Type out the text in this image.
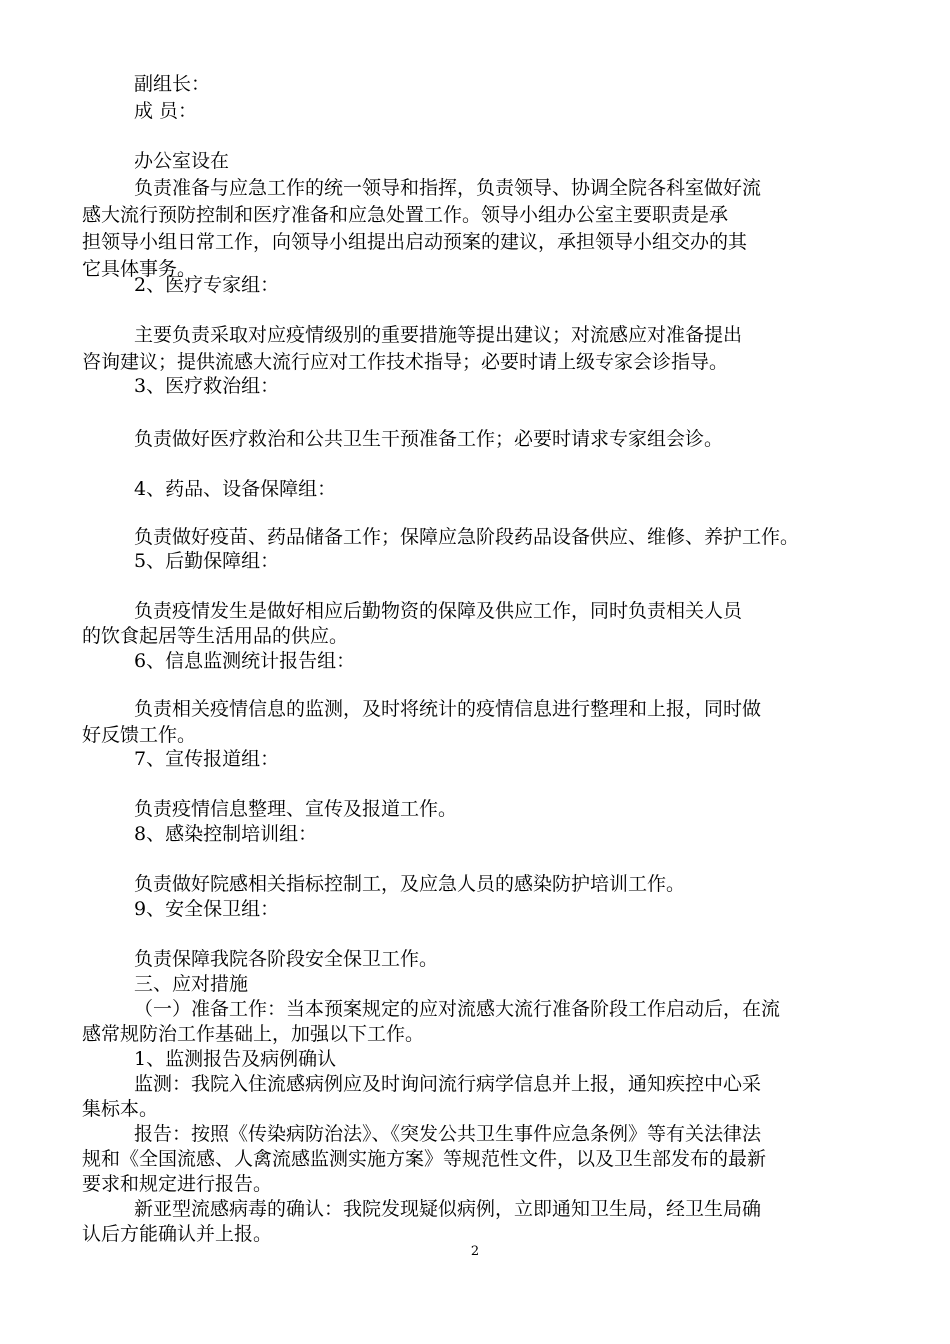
副组长：
成 员：
办公室设在
负责准备与应急工作的统一领导和指挥，负责领导、协调全院各科室做好流
感大流行预防控制和医疗准备和应急处置工作。领导小组办公室主要职责是承
担领导小组日常工作，向领导小组提出启动预案的建议，承担领导小组交办的其
它具体事务。
2、医疗专家组：
主要负责采取对应疫情级别的重要措施等提出建议；对流感应对准备提出
咨询建议；提供流感大流行应对工作技术指导；必要时请上级专家会诊指导。
3、医疗救治组：
负责做好医疗救治和公共卫生干预准备工作；必要时请求专家组会诊。
4、药品、设备保障组：
负责做好疫苗、药品储备工作；保障应急阶段药品设备供应、维修、养护工作。
5、后勤保障组：
负责疫情发生是做好相应后勤物资的保障及供应工作，同时负责相关人员
的饮食起居等生活用品的供应。
6、信息监测统计报告组：
负责相关疫情信息的监测，及时将统计的疫情信息进行整理和上报，同时做
好反馈工作。
7、宣传报道组：
负责疫情信息整理、宣传及报道工作。
8、感染控制培训组：
负责做好院感相关指标控制工，及应急人员的感染防护培训工作。
9、安全保卫组：
负责保障我院各阶段安全保卫工作。
三、应对措施
（一）准备工作：当本预案规定的应对流感大流行准备阶段工作启动后，在流
感常规防治工作基础上，加强以下工作。
1、监测报告及病例确认
监测：我院入住流感病例应及时询问流行病学信息并上报，通知疾控中心采
集标本。
报告：按照《传染病防治法》、《突发公共卫生事件应急条例》等有关法律法
规和《全国流感、人禽流感监测实施方案》等规范性文件，以及卫生部发布的最新
要求和规定进行报告。
新亚型流感病毒的确认：我院发现疑似病例，立即通知卫生局，经卫生局确
认后方能确认并上报。
2
